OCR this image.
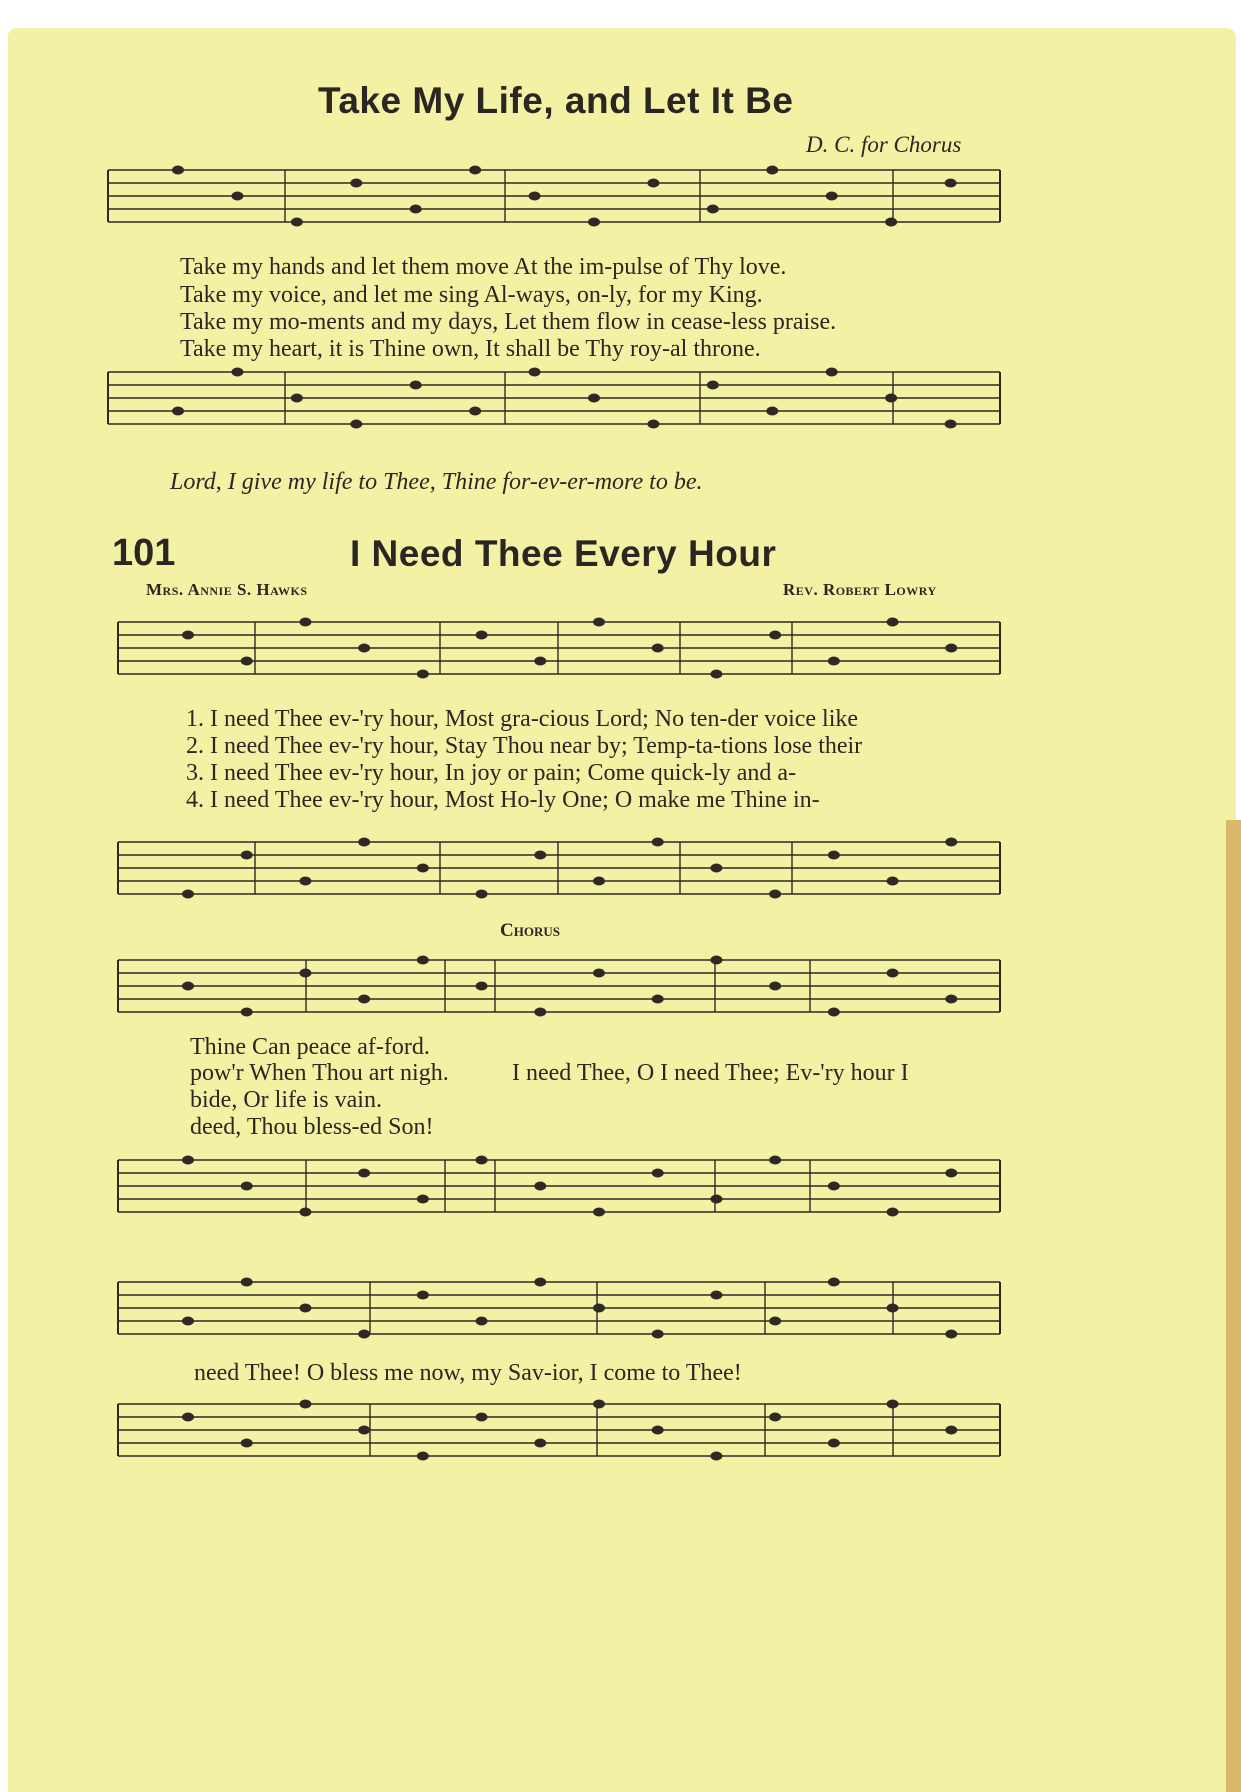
Take My Life, and Let It Be
D. C. for Chorus
Take my hands and let them move At the im-pulse of Thy love.
Take my voice, and let me sing Al-ways, on-ly, for my King.
Take my mo-ments and my days, Let them flow in cease-less praise.
Take my heart, it is Thine own, It shall be Thy roy-al throne.
Lord, I give my life to Thee, Thine for-ev-er-more to be.
101	I Need Thee Every Hour
Mrs. Annie S. Hawks	Rev. Robert Lowry
1. I need Thee ev-'ry hour, Most gra-cious Lord; No ten-der voice like
2. I need Thee ev-'ry hour, Stay Thou near by; Temp-ta-tions lose their
3. I need Thee ev-'ry hour, In joy or pain; Come quick-ly and a-
4. I need Thee ev-'ry hour, Most Ho-ly One; O make me Thine in-
Chorus
Thine Can peace af-ford.
pow'r When Thou art nigh.
bide, Or life is vain.
deed, Thou bless-ed Son!
I need Thee, O I need Thee; Ev-'ry hour I
need Thee! O bless me now, my Sav-ior, I come to Thee!
